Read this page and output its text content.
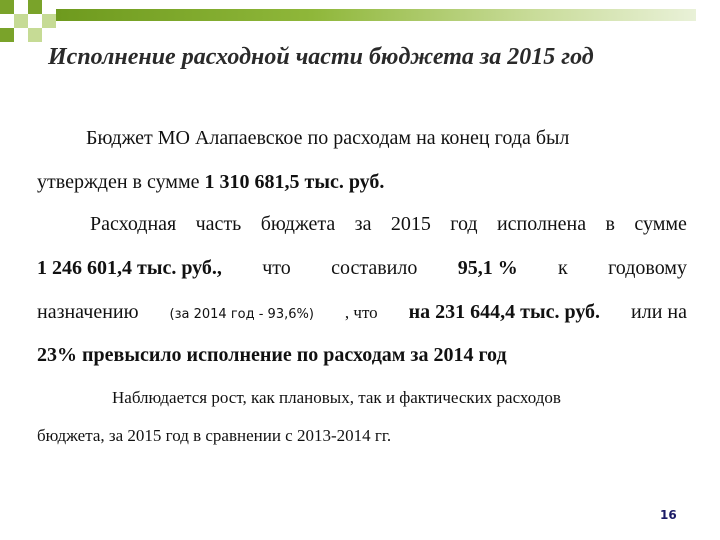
Исполнение расходной части бюджета за 2015 год
Бюджет МО Алапаевское по расходам на конец года был
утвержден в сумме 1 310 681,5 тыс. руб.
Расходная часть бюджета за 2015 год исполнена в сумме
1 246 601,4 тыс. руб., что составило 95,1 % к годовому
назначению (за 2014 год - 93,6%) , что на 231 644,4 тыс. руб. или на
23% превысило исполнение по расходам за 2014 год
Наблюдается рост, как плановых, так и фактических расходов
бюджета, за 2015 год в сравнении с 2013-2014 гг.
16
